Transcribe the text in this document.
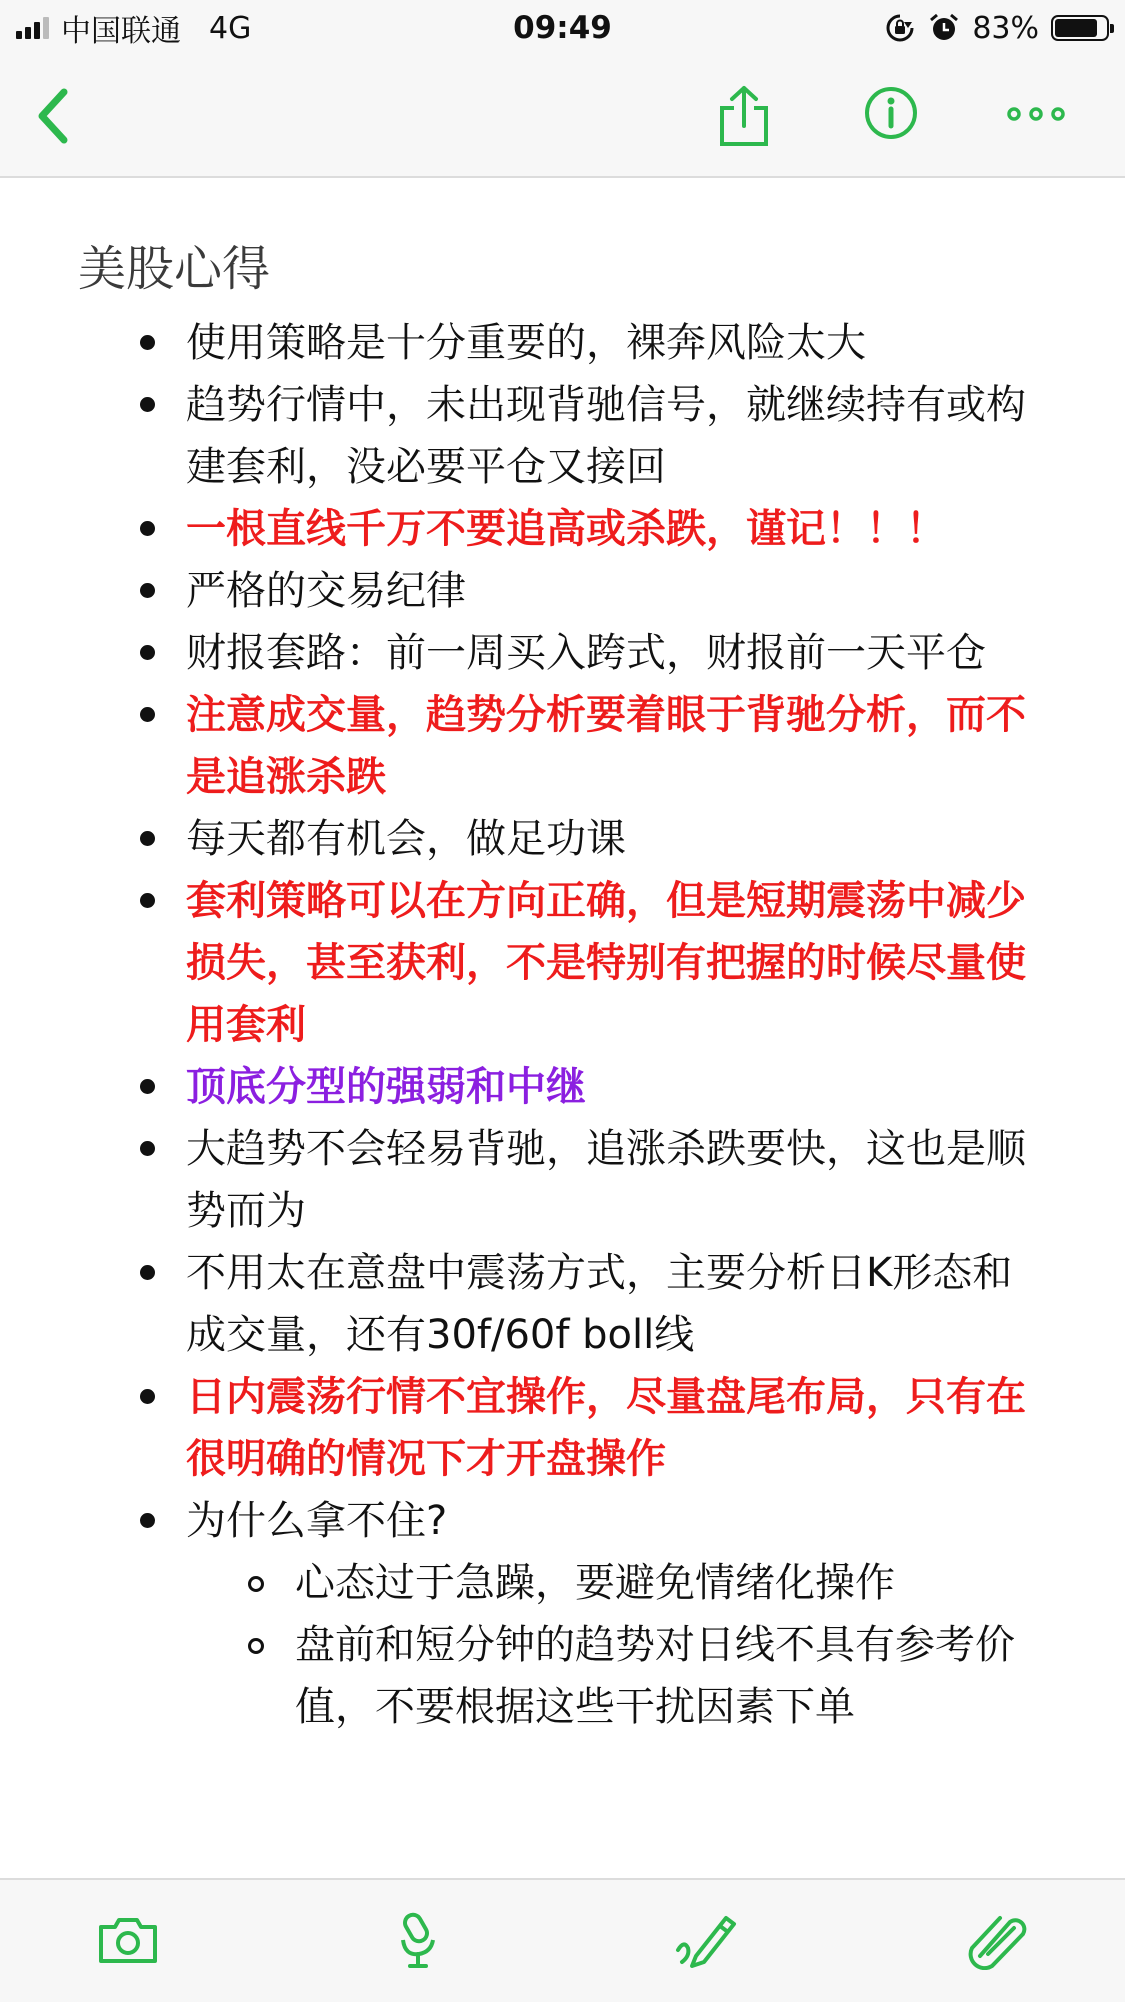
中国联通 4G	09:49	83%
美股心得
使用策略是十分重要的，裸奔风险太大
趋势行情中，未出现背驰信号，就继续持有或构建套利，没必要平仓又接回
一根直线千万不要追高或杀跌，谨记！！！
严格的交易纪律
财报套路：前一周买入跨式，财报前一天平仓
注意成交量，趋势分析要着眼于背驰分析，而不是追涨杀跌
每天都有机会，做足功课
套利策略可以在方向正确，但是短期震荡中减少损失，甚至获利，不是特别有把握的时候尽量使用套利
顶底分型的强弱和中继
大趋势不会轻易背驰，追涨杀跌要快，这也是顺势而为
不用太在意盘中震荡方式，主要分析日K形态和成交量，还有30f/60f boll线
日内震荡行情不宜操作，尽量盘尾布局，只有在很明确的情况下才开盘操作
为什么拿不住?
心态过于急躁，要避免情绪化操作
盘前和短分钟的趋势对日线不具有参考价值，不要根据这些干扰因素下单
